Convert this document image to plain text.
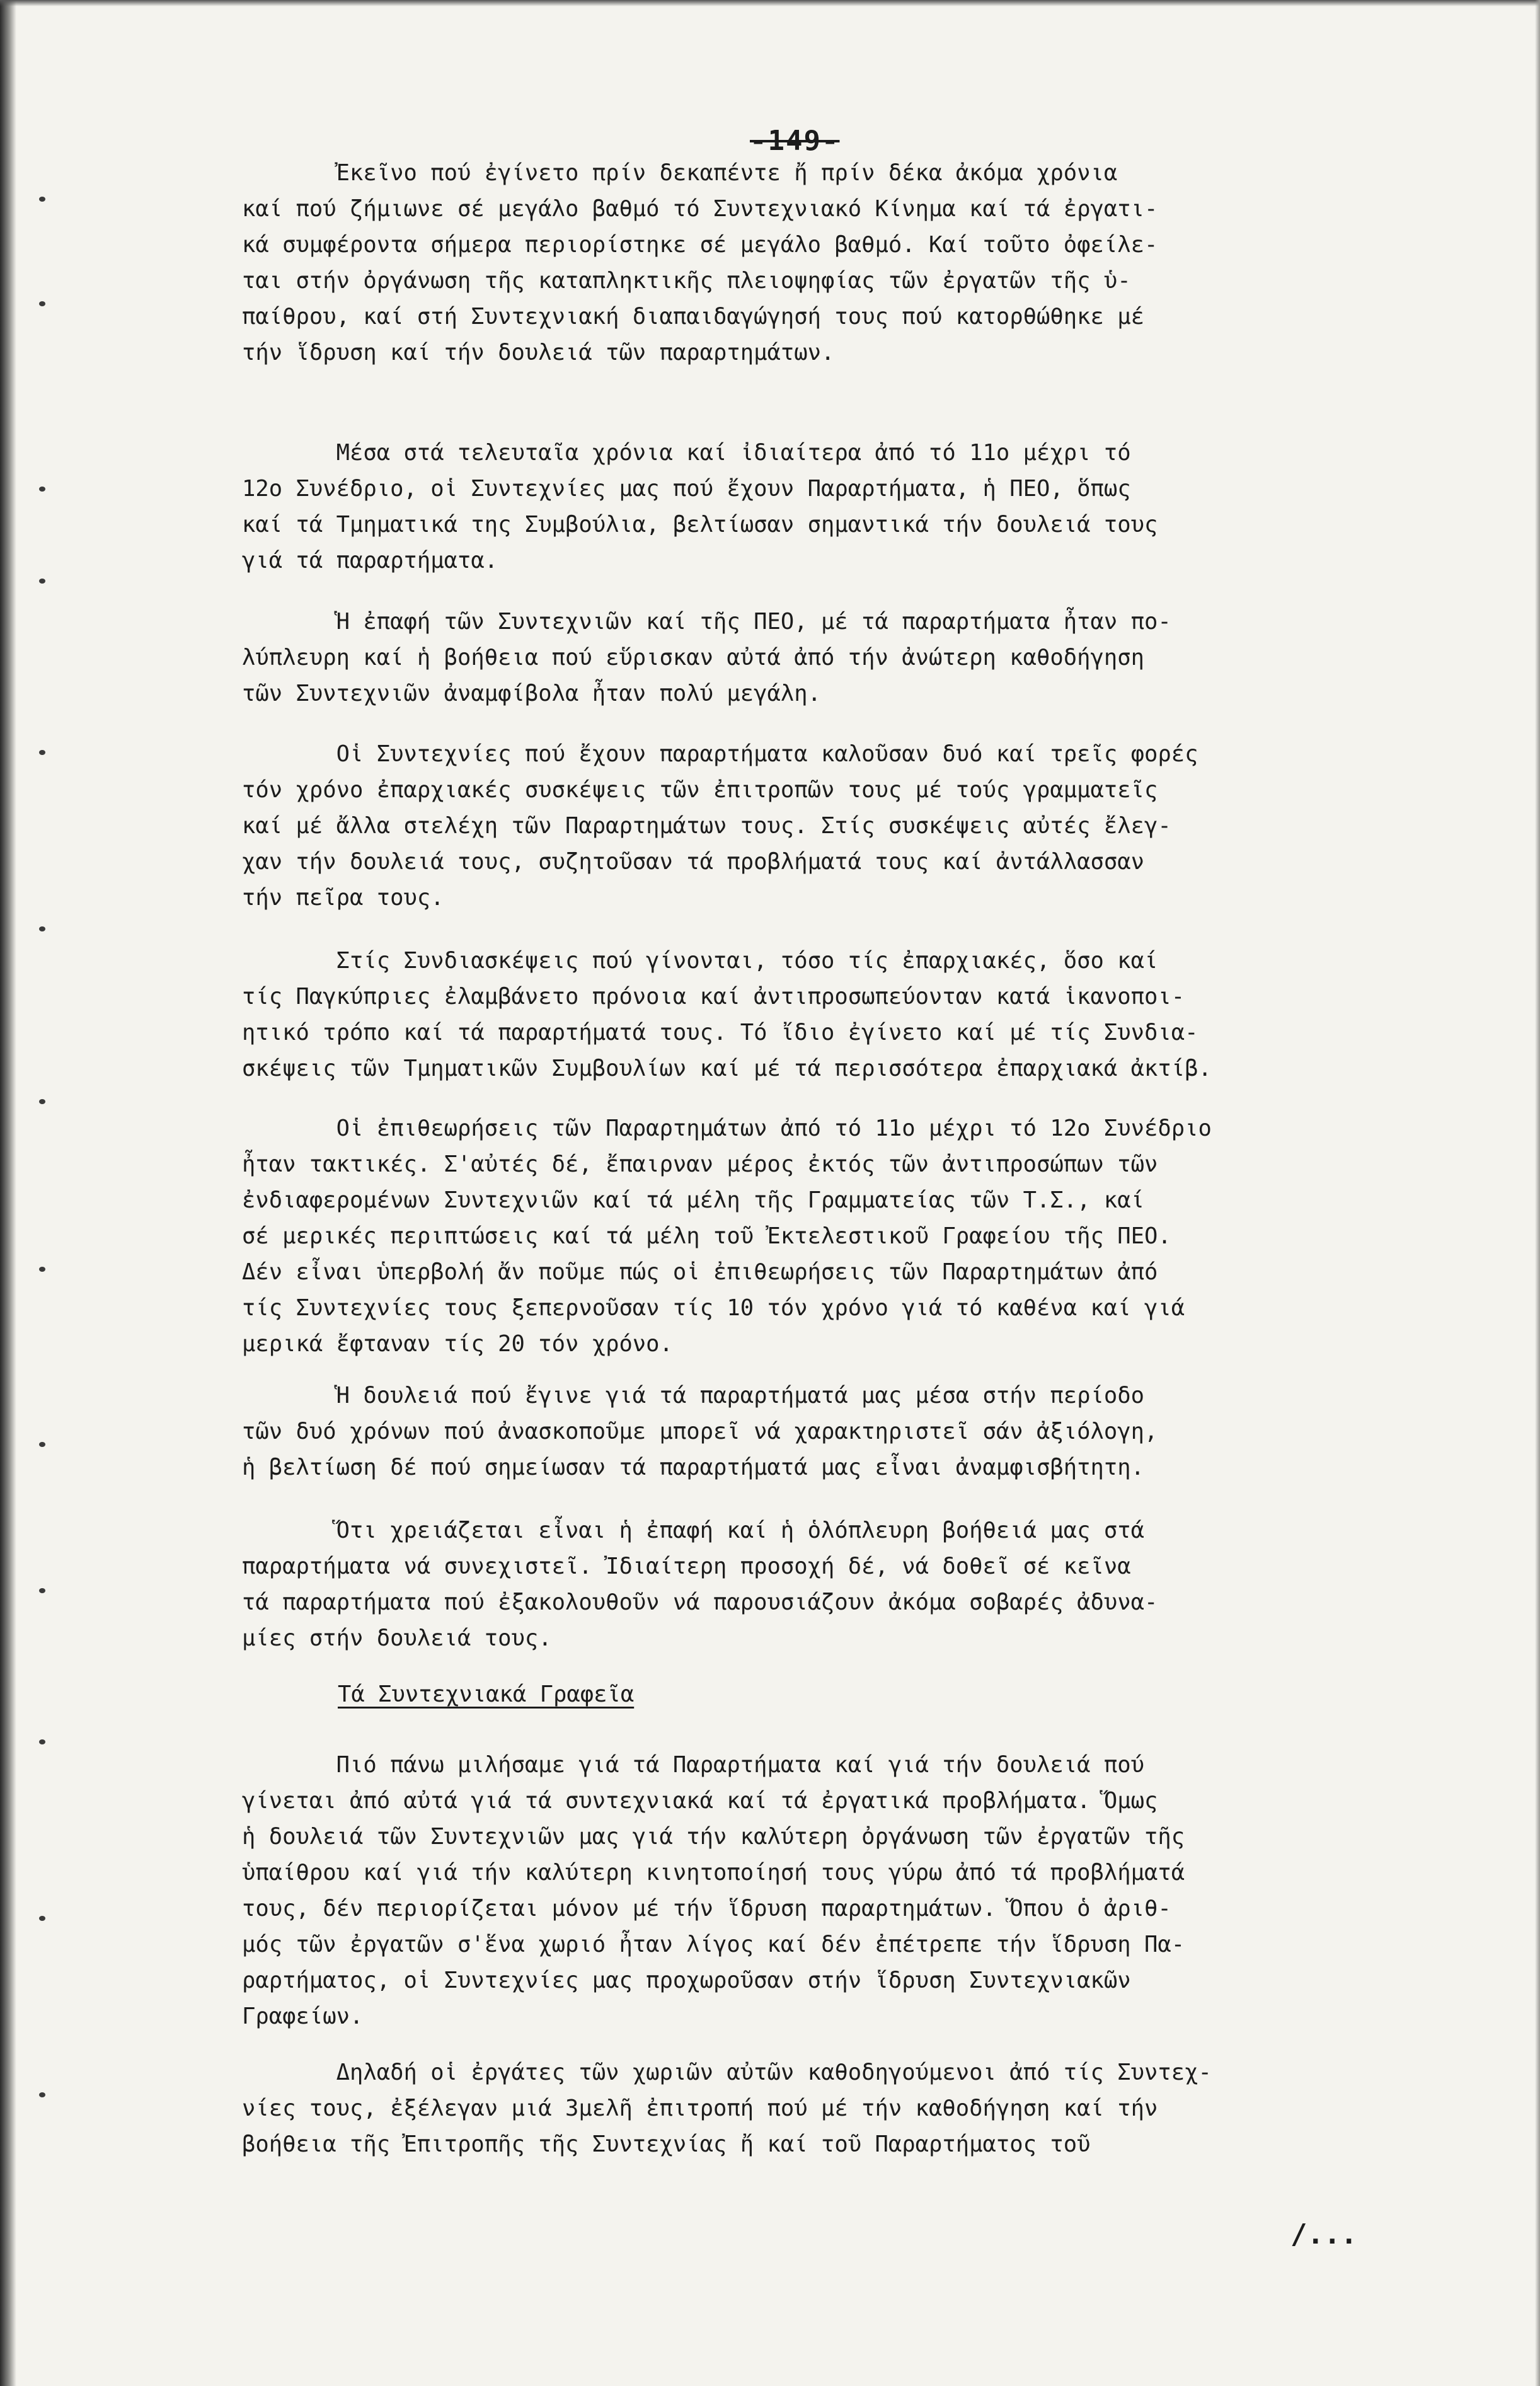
-149-
Ἐκεῖνο πού ἐγίνετο πρίν δεκαπέντε ἤ πρίν δέκα ἀκόμα χρόνια
καί πού ζήμιωνε σέ μεγάλο βαθμό τό Συντεχνιακό Κίνημα καί τά ἐργατι-
κά συμφέροντα σήμερα περιορίστηκε σέ μεγάλο βαθμό. Καί τοῦτο ὀφείλε-
ται στήν ὀργάνωση τῆς καταπληκτικῆς πλειοψηφίας τῶν ἐργατῶν τῆς ὑ-
παίθρου, καί στή Συντεχνιακή διαπαιδαγώγησή τους πού κατορθώθηκε μέ
τήν ἵδρυση καί τήν δουλειά τῶν παραρτημάτων.
Μέσα στά τελευταῖα χρόνια καί ἰδιαίτερα ἀπό τό 11ο μέχρι τό
12ο Συνέδριο, οἱ Συντεχνίες μας πού ἔχουν Παραρτήματα, ἡ ΠΕΟ, ὅπως
καί τά Τμηματικά της Συμβούλια, βελτίωσαν σημαντικά τήν δουλειά τους
γιά τά παραρτήματα.
Ἡ ἐπαφή τῶν Συντεχνιῶν καί τῆς ΠΕΟ, μέ τά παραρτήματα ἦταν πο-
λύπλευρη καί ἡ βοήθεια πού εὕρισκαν αὐτά ἀπό τήν ἀνώτερη καθοδήγηση
τῶν Συντεχνιῶν ἀναμφίβολα ἦταν πολύ μεγάλη.
Οἱ Συντεχνίες πού ἔχουν παραρτήματα καλοῦσαν δυό καί τρεῖς φορές
τόν χρόνο ἐπαρχιακές συσκέψεις τῶν ἐπιτροπῶν τους μέ τούς γραμματεῖς
καί μέ ἄλλα στελέχη τῶν Παραρτημάτων τους. Στίς συσκέψεις αὐτές ἔλεγ-
χαν τήν δουλειά τους, συζητοῦσαν τά προβλήματά τους καί ἀντάλλασσαν
τήν πεῖρα τους.
Στίς Συνδιασκέψεις πού γίνονται, τόσο τίς ἐπαρχιακές, ὅσο καί
τίς Παγκύπριες ἐλαμβάνετο πρόνοια καί ἀντιπροσωπεύονταν κατά ἱκανοποι-
ητικό τρόπο καί τά παραρτήματά τους. Τό ἴδιο ἐγίνετο καί μέ τίς Συνδια-
σκέψεις τῶν Τμηματικῶν Συμβουλίων καί μέ τά περισσότερα ἐπαρχιακά ἀκτίβ.
Οἱ ἐπιθεωρήσεις τῶν Παραρτημάτων ἀπό τό 11ο μέχρι τό 12ο Συνέδριο
ἦταν τακτικές. Σ'αὐτές δέ, ἔπαιρναν μέρος ἐκτός τῶν ἀντιπροσώπων τῶν
ἐνδιαφερομένων Συντεχνιῶν καί τά μέλη τῆς Γραμματείας τῶν Τ.Σ., καί
σέ μερικές περιπτώσεις καί τά μέλη τοῦ Ἐκτελεστικοῦ Γραφείου τῆς ΠΕΟ.
Δέν εἶναι ὑπερβολή ἄν ποῦμε πώς οἱ ἐπιθεωρήσεις τῶν Παραρτημάτων ἀπό
τίς Συντεχνίες τους ξεπερνοῦσαν τίς 10 τόν χρόνο γιά τό καθένα καί γιά
μερικά ἔφταναν τίς 20 τόν χρόνο.
Ἡ δουλειά πού ἔγινε γιά τά παραρτήματά μας μέσα στήν περίοδο
τῶν δυό χρόνων πού ἀνασκοποῦμε μπορεῖ νά χαρακτηριστεῖ σάν ἀξιόλογη,
ἡ βελτίωση δέ πού σημείωσαν τά παραρτήματά μας εἶναι ἀναμφισβήτητη.
Ὅτι χρειάζεται εἶναι ἡ ἐπαφή καί ἡ ὁλόπλευρη βοήθειά μας στά
παραρτήματα νά συνεχιστεῖ. Ἰδιαίτερη προσοχή δέ, νά δοθεῖ σέ κεῖνα
τά παραρτήματα πού ἐξακολουθοῦν νά παρουσιάζουν ἀκόμα σοβαρές ἀδυνα-
μίες στήν δουλειά τους.
Τά Συντεχνιακά Γραφεῖα
Πιό πάνω μιλήσαμε γιά τά Παραρτήματα καί γιά τήν δουλειά πού
γίνεται ἀπό αὐτά γιά τά συντεχνιακά καί τά ἐργατικά προβλήματα. Ὅμως
ἡ δουλειά τῶν Συντεχνιῶν μας γιά τήν καλύτερη ὀργάνωση τῶν ἐργατῶν τῆς
ὑπαίθρου καί γιά τήν καλύτερη κινητοποίησή τους γύρω ἀπό τά προβλήματά
τους, δέν περιορίζεται μόνον μέ τήν ἵδρυση παραρτημάτων. Ὅπου ὁ ἀριθ-
μός τῶν ἐργατῶν σ'ἕνα χωριό ἦταν λίγος καί δέν ἐπέτρεπε τήν ἵδρυση Πα-
ραρτήματος, οἱ Συντεχνίες μας προχωροῦσαν στήν ἵδρυση Συντεχνιακῶν
Γραφείων.
Δηλαδή οἱ ἐργάτες τῶν χωριῶν αὐτῶν καθοδηγούμενοι ἀπό τίς Συντεχ-
νίες τους, ἐξέλεγαν μιά 3μελῆ ἐπιτροπή πού μέ τήν καθοδήγηση καί τήν
βοήθεια τῆς Ἐπιτροπῆς τῆς Συντεχνίας ἤ καί τοῦ Παραρτήματος τοῦ
/...
